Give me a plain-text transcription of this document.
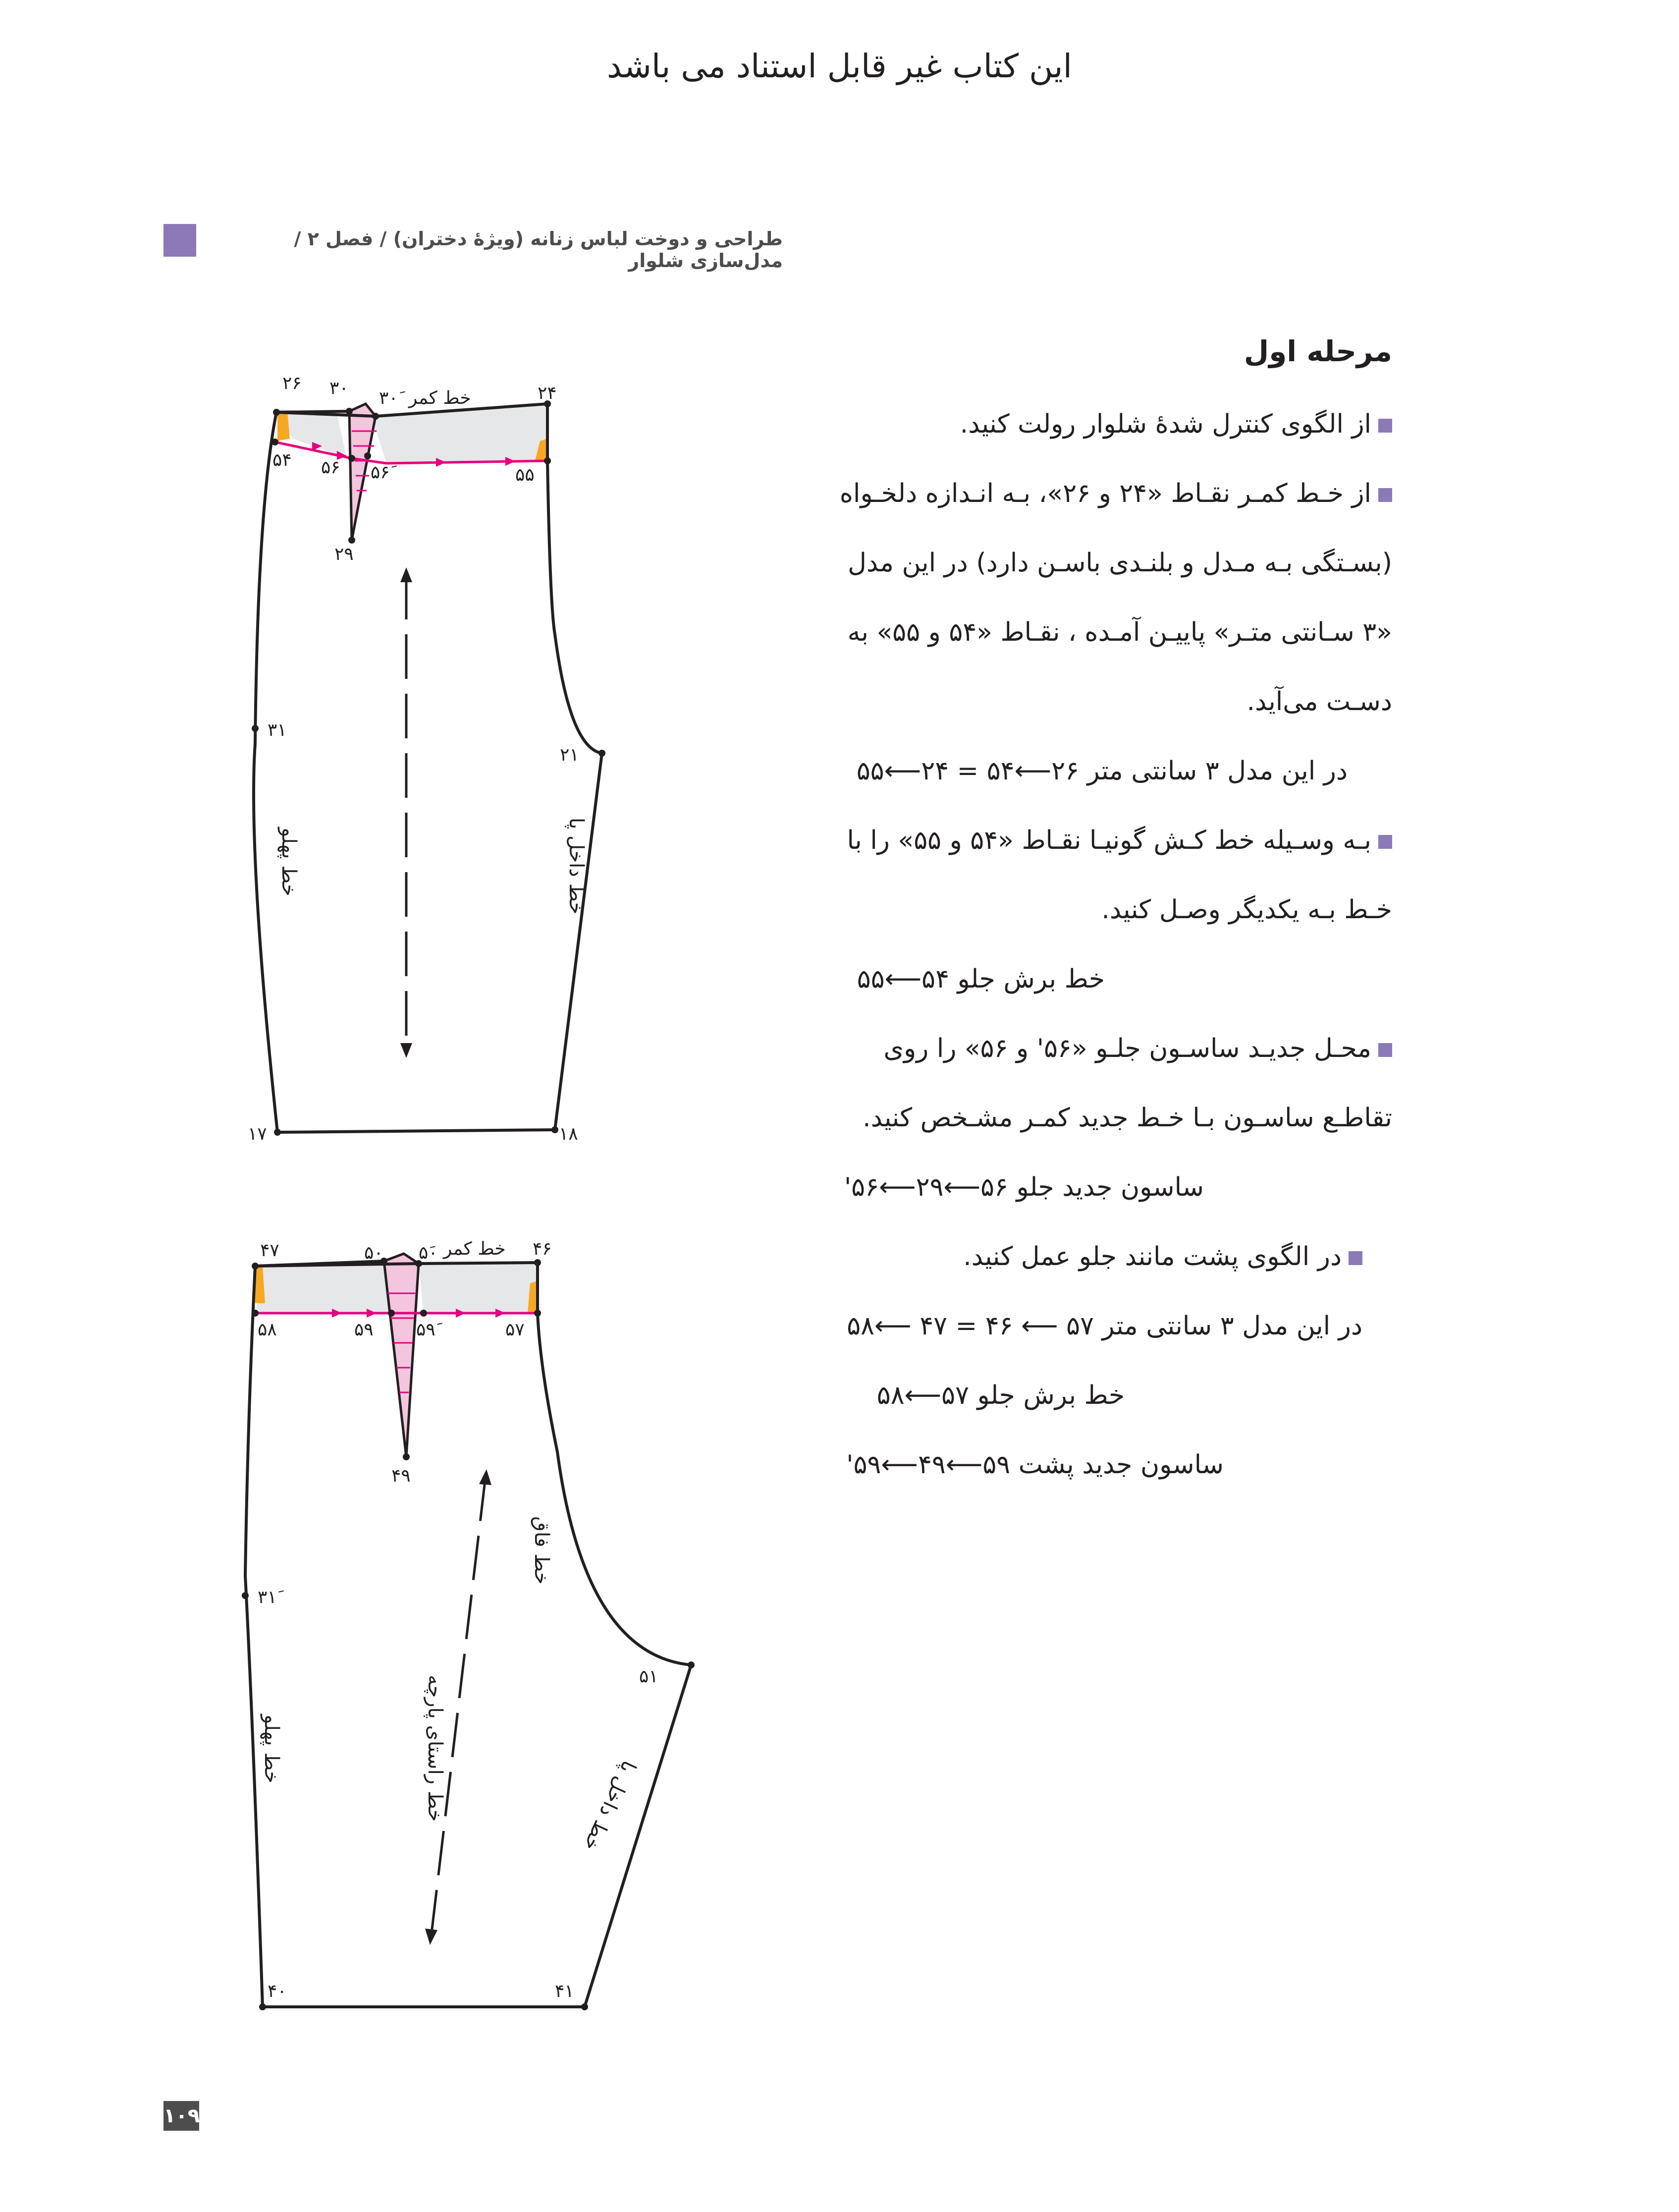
این کتاب غیر قابل استناد می باشد
طراحی و دوخت لباس زنانه (ویژهٔ دختران) / فصل ۲ / مدل‌سازی شلوار
مرحله اول
از الگوی کنترل شدهٔ شلوار رولت کنید.
از خـط کمـر نقـاط «۲۴ و ۲۶»، بـه انـدازه دلخـواه
(بسـتگی بـه مـدل و بلنـدی باسـن دارد) در این مدل
«۳ سـانتی متـر» پاییـن آمـده ، نقـاط «۵۴ و ۵۵» به
دسـت می‌آید.
در این مدل ۳ سانتی متر ۲۶⟵۵۴ = ۲۴⟵۵۵
بـه وسـیله خط کـش گونیـا نقـاط «۵۴ و ۵۵» را با
خـط بـه یکدیگر وصـل کنید.
خط برش جلو ۵۴⟵۵۵
محـل جدیـد ساسـون جلـو «۵۶' و ۵۶» را روی
تقاطـع ساسـون بـا خـط جدید کمـر مشـخص کنید.
ساسون جدید جلو ۵۶⟵۲۹⟵۵۶'
در الگوی پشت مانند جلو عمل کنید.
در این مدل ۳ سانتی متر ۵۷ ⟵ ۴۶ = ۴۷ ⟵۵۸
خط برش جلو ۵۷⟵۵۸
ساسون جدید پشت ۵۹⟵۴۹⟵۵۹'
۲۶ ۳۰ ۳۰َ خط کمر	۲۴
۵۴ ۵۶ ۵۶َ	۵۵
۲۹
۳۱
۲۱
خط پهلو	خط داخل پا
۱۷	۱۸
۴۷	۵۰ ۵َ۰ خط کمر ۴۶
۵۸	۵۹ ۵۹َ	۵۷
۴۹
۳۱َ
خط فاق
۵۱
خط راستای پارچه
خط پهلو
خط داخل پا
۴۰	۴۱
۱۰۹
